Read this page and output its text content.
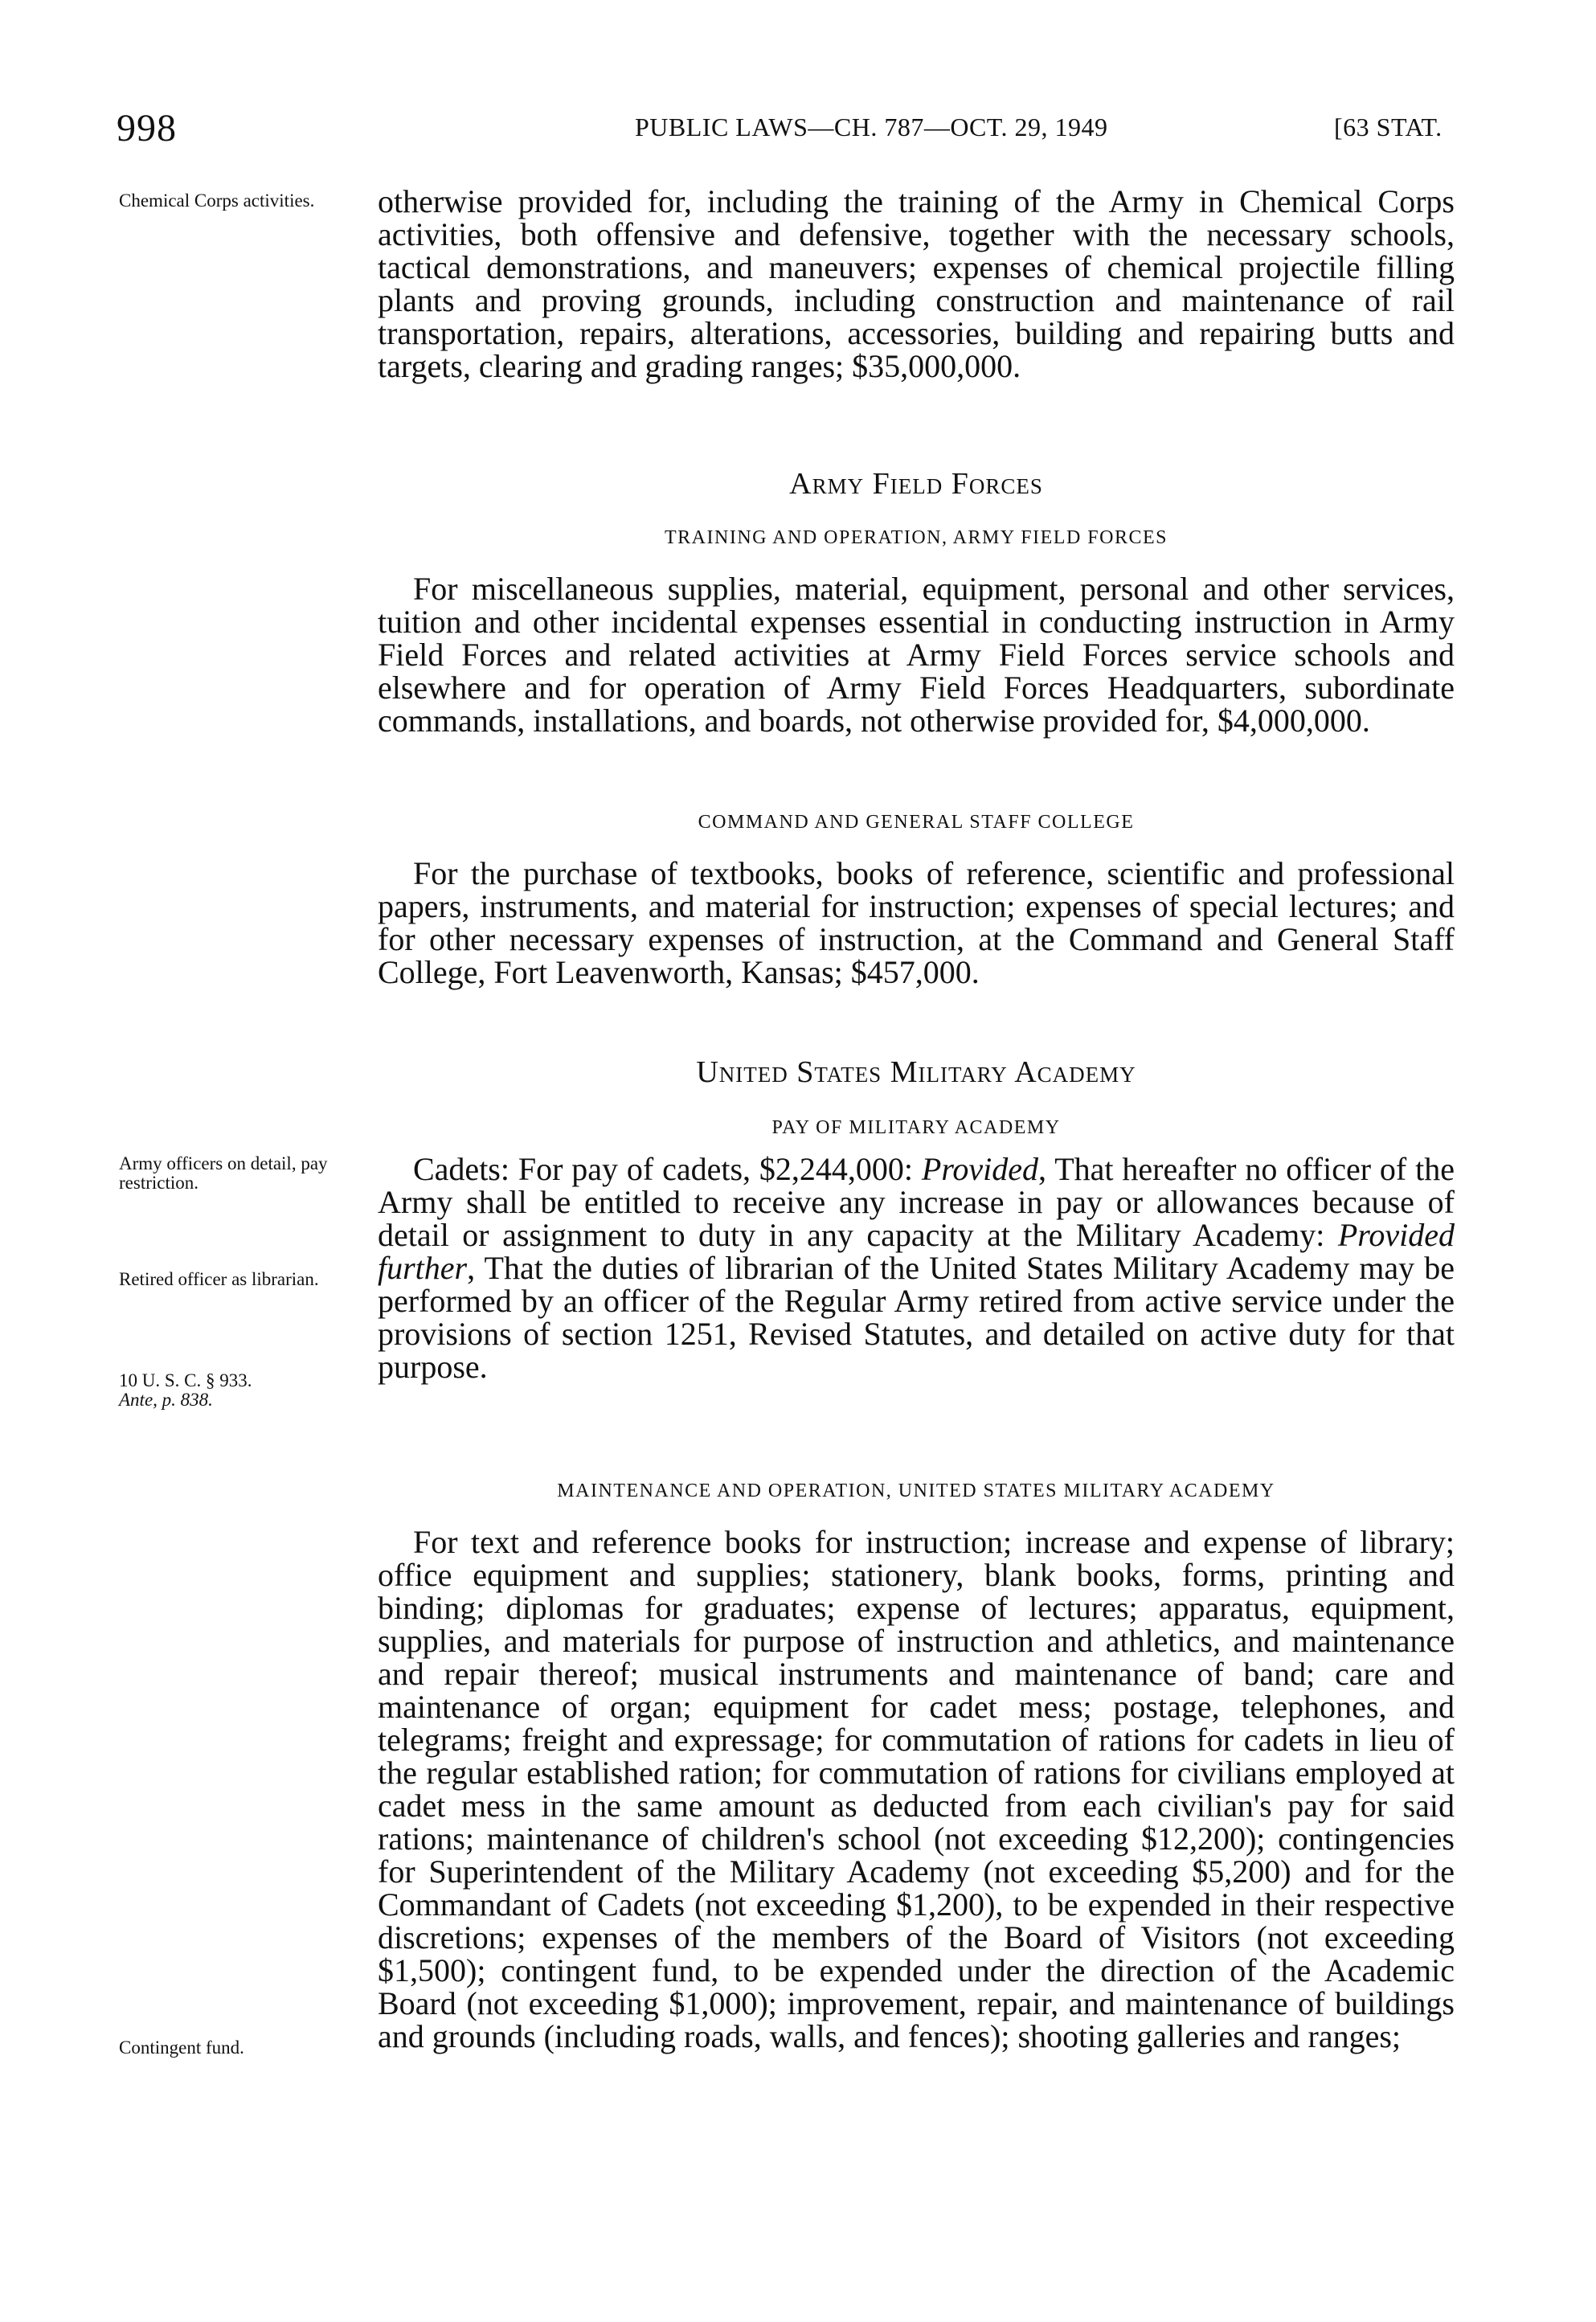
998	PUBLIC LAWS—CH. 787—OCT. 29, 1949	[63 STAT.
Chemical Corps activities.	otherwise provided for, including the training of the Army in Chemical Corps activities, both offensive and defensive, together with the necessary schools, tactical demonstrations, and maneuvers; expenses of chemical projectile filling plants and proving grounds, including construction and maintenance of rail transportation, repairs, alterations, accessories, building and repairing butts and targets, clearing and grading ranges; $35,000,000.

Army Field Forces
TRAINING AND OPERATION, ARMY FIELD FORCES

For miscellaneous supplies, material, equipment, personal and other services, tuition and other incidental expenses essential in conducting instruction in Army Field Forces and related activities at Army Field Forces service schools and elsewhere and for operation of Army Field Forces Headquarters, subordinate commands, installations, and boards, not otherwise provided for, $4,000,000.

COMMAND AND GENERAL STAFF COLLEGE

For the purchase of textbooks, books of reference, scientific and professional papers, instruments, and material for instruction; expenses of special lectures; and for other necessary expenses of instruction, at the Command and General Staff College, Fort Leavenworth, Kansas; $457,000.

United States Military Academy
PAY OF MILITARY ACADEMY
Army officers on detail, pay restriction.
Retired officer as librarian.
10 U. S. C. § 933.
Ante, p. 838.

Cadets: For pay of cadets, $2,244,000: Provided, That hereafter no officer of the Army shall be entitled to receive any increase in pay or allowances because of detail or assignment to duty in any capacity at the Military Academy: Provided further, That the duties of librarian of the United States Military Academy may be performed by an officer of the Regular Army retired from active service under the provisions of section 1251, Revised Statutes, and detailed on active duty for that purpose.

MAINTENANCE AND OPERATION, UNITED STATES MILITARY ACADEMY
Contingent fund.

For text and reference books for instruction; increase and expense of library; office equipment and supplies; stationery, blank books, forms, printing and binding; diplomas for graduates; expense of lectures; apparatus, equipment, supplies, and materials for purpose of instruction and athletics, and maintenance and repair thereof; musical instruments and maintenance of band; care and maintenance of organ; equipment for cadet mess; postage, telephones, and telegrams; freight and expressage; for commutation of rations for cadets in lieu of the regular established ration; for commutation of rations for civilians employed at cadet mess in the same amount as deducted from each civilian's pay for said rations; maintenance of children's school (not exceeding $12,200); contingencies for Superintendent of the Military Academy (not exceeding $5,200) and for the Commandant of Cadets (not exceeding $1,200), to be expended in their respective discretions; expenses of the members of the Board of Visitors (not exceeding $1,500); contingent fund, to be expended under the direction of the Academic Board (not exceeding $1,000); improvement, repair, and maintenance of buildings and grounds (including roads, walls, and fences); shooting galleries and ranges;
